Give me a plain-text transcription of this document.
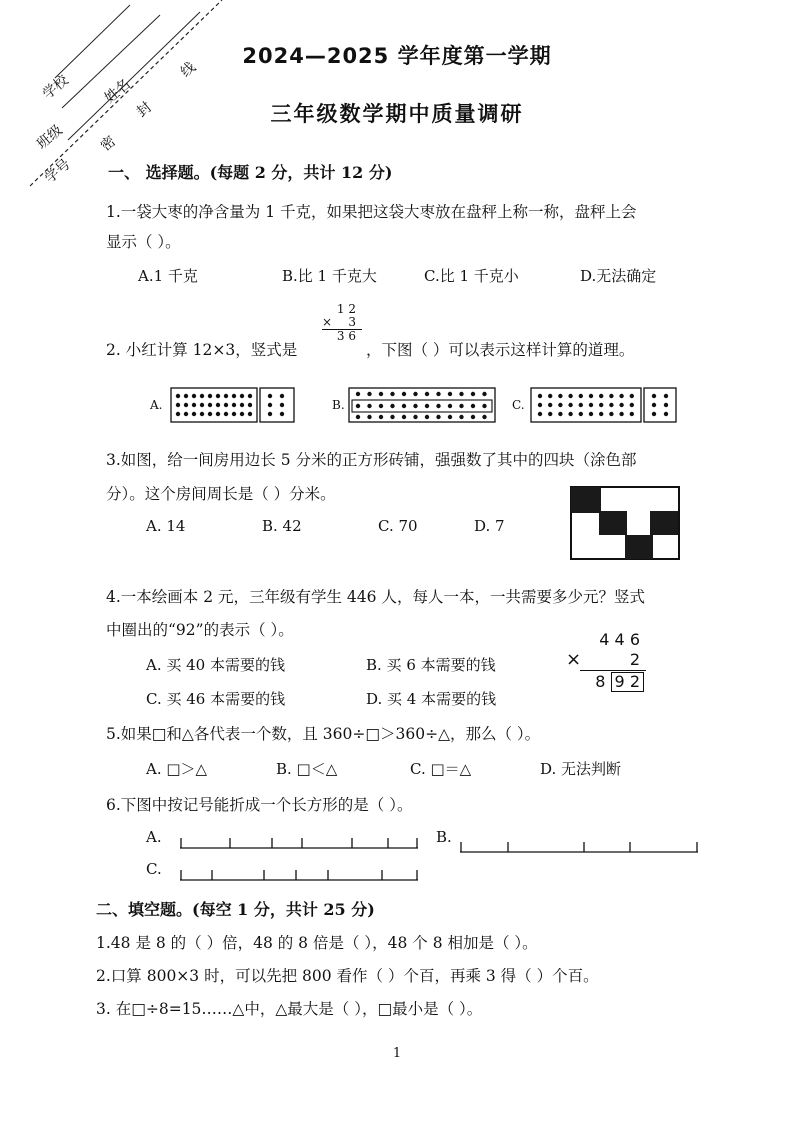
学校 姓名
班级
学号
密
封
线
2024—2025 学年度第一学期
三年级数学期中质量调研
一、 选择题。(每题 2 分，共计 12 分)
1.一袋大枣的净含量为 1 千克，如果把这袋大枣放在盘秤上称一称，盘秤上会
显示（ ）。
A.1 千克	B.比 1 千克大	C.比 1 千克小	D.无法确定
2. 小红计算 12×3，竖式是
1 2
× 3
3 6
，下图（ ）可以表示这样计算的道理。
A.	B.	C.
3.如图，给一间房用边长 5 分米的正方形砖铺，强强数了其中的四块（涂色部
分）。这个房间周长是（ ）分米。
A. 14	B. 42	C. 70	D. 7
4.一本绘画本 2 元，三年级有学生 446 人，每人一本，一共需要多少元？竖式
中圈出的“92”的表示（ ）。
A. 买 40 本需要的钱	B. 买 6 本需要的钱
C. 买 46 本需要的钱	D. 买 4 本需要的钱
4 4 6
×	2
8 9 2
5.如果□和△各代表一个数，且 360÷□＞360÷△，那么（ ）。
A. □＞△	B. □＜△	C. □＝△	D. 无法判断
6.下图中按记号能折成一个长方形的是（ ）。
A.	B.
C.
二、填空题。(每空 1 分，共计 25 分)
1.48 是 8 的（ ）倍，48 的 8 倍是（ ），48 个 8 相加是（ ）。
2.口算 800×3 时，可以先把 800 看作（ ）个百，再乘 3 得（ ）个百。
3. 在□÷8=15……△中，△最大是（ ），□最小是（ ）。
1
